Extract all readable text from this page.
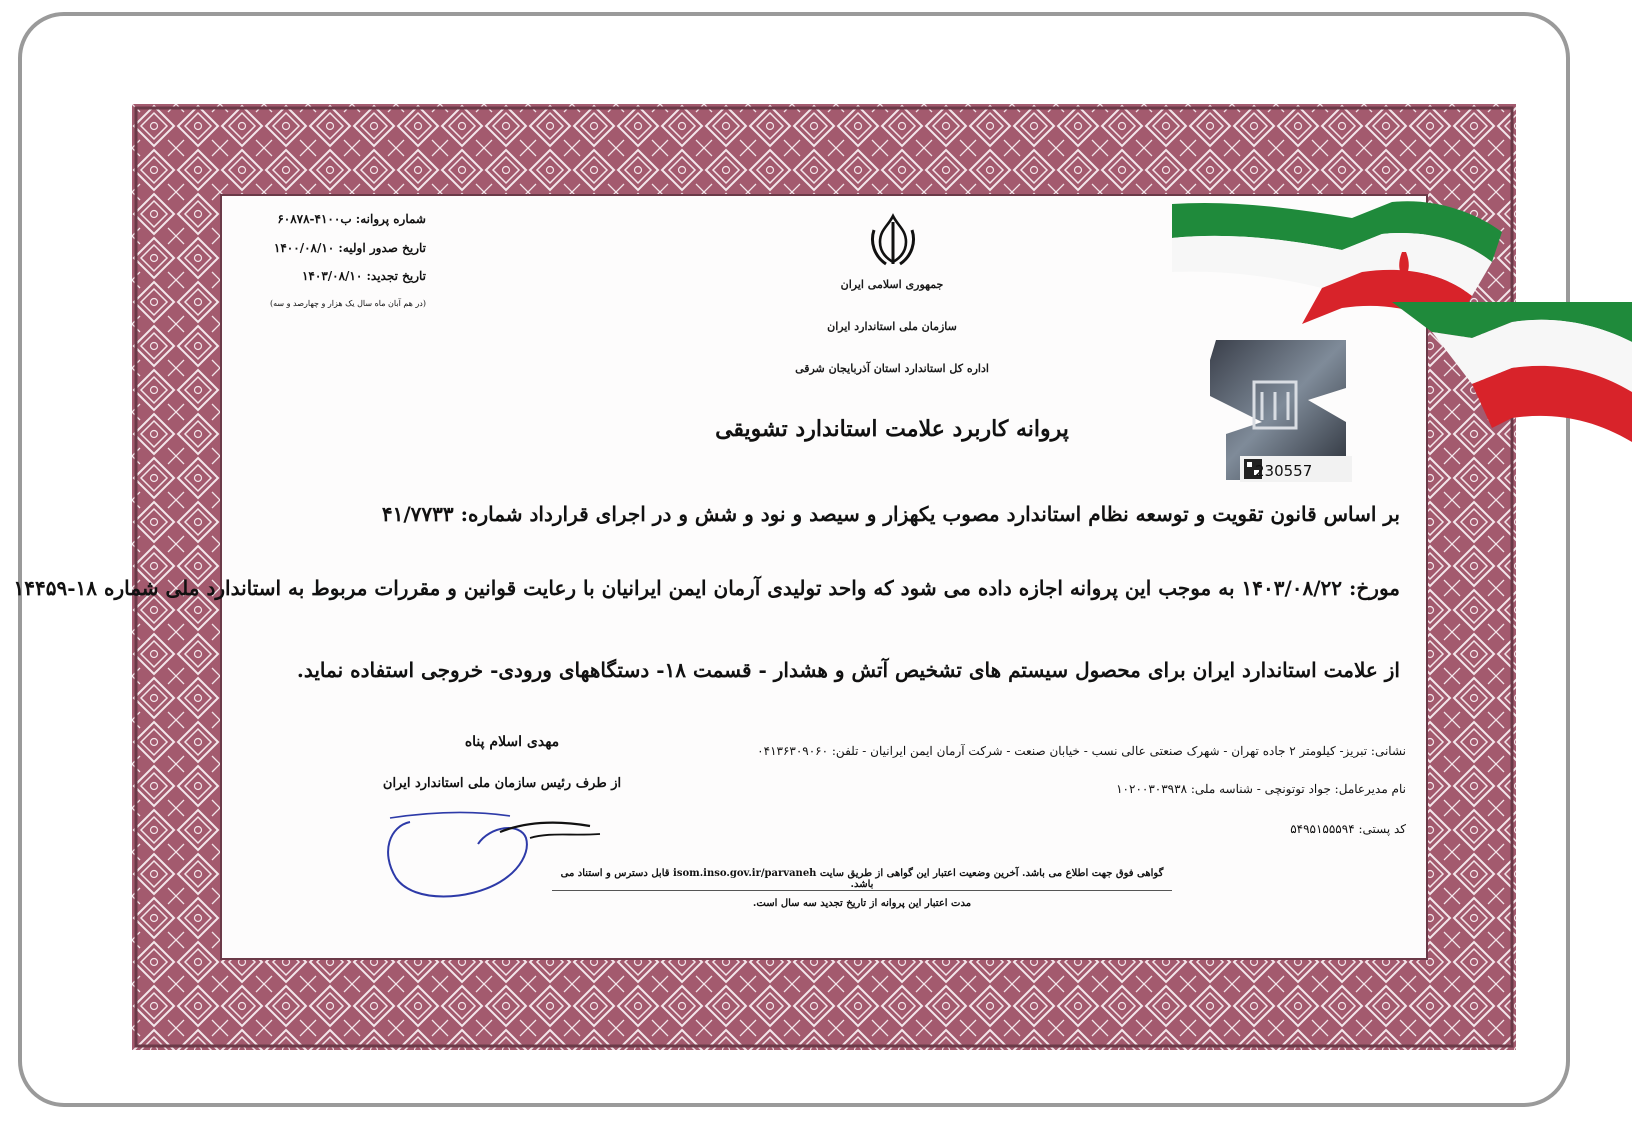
جمهوری اسلامی ایران
سازمان ملی استاندارد ایران
اداره کل استاندارد استان آذربایجان شرقی
شماره پروانه: ب۴۱۰۰-۶۰۸۷۸
تاریخ صدور اولیه: ۱۴۰۰/۰۸/۱۰
تاریخ تجدید: ۱۴۰۳/۰۸/۱۰
(در هم آبان ماه سال یک هزار و چهارصد و سه)
پروانه کاربرد علامت استاندارد تشویقی
بر اساس قانون تقویت و توسعه نظام استاندارد مصوب یکهزار و سیصد و نود و شش و در اجرای قرارداد شماره: ۴۱/۷۷۳۳
مورخ: ۱۴۰۳/۰۸/۲۲ به موجب این پروانه اجازه داده می شود که واحد تولیدی آرمان ایمن ایرانیان با رعایت قوانین و مقررات مربوط به استاندارد ملی شماره ۱۸-۱۴۴۵۹
از علامت استاندارد ایران برای محصول سیستم های تشخیص آتش و هشدار - قسمت ۱۸- دستگاههای ورودی- خروجی استفاده نماید.
نشانی: تبریز- کیلومتر ۲ جاده تهران - شهرک صنعتی عالی نسب - خیابان صنعت - شرکت آرمان ایمن ایرانیان - تلفن: ۰۴۱۳۶۳۰۹۰۶۰
نام مدیرعامل: جواد توتونچی - شناسه ملی: ۱۰۲۰۰۳۰۳۹۳۸
کد پستی: ۵۴۹۵۱۵۵۵۹۴
مهدی اسلام پناه
از طرف رئیس سازمان ملی استاندارد ایران
گواهی فوق جهت اطلاع می باشد. آخرین وضعیت اعتبار این گواهی از طریق سایت isom.inso.gov.ir/parvaneh قابل دسترس و استناد می باشد.
مدت اعتبار این پروانه از تاریخ تجدید سه سال است.
230557
